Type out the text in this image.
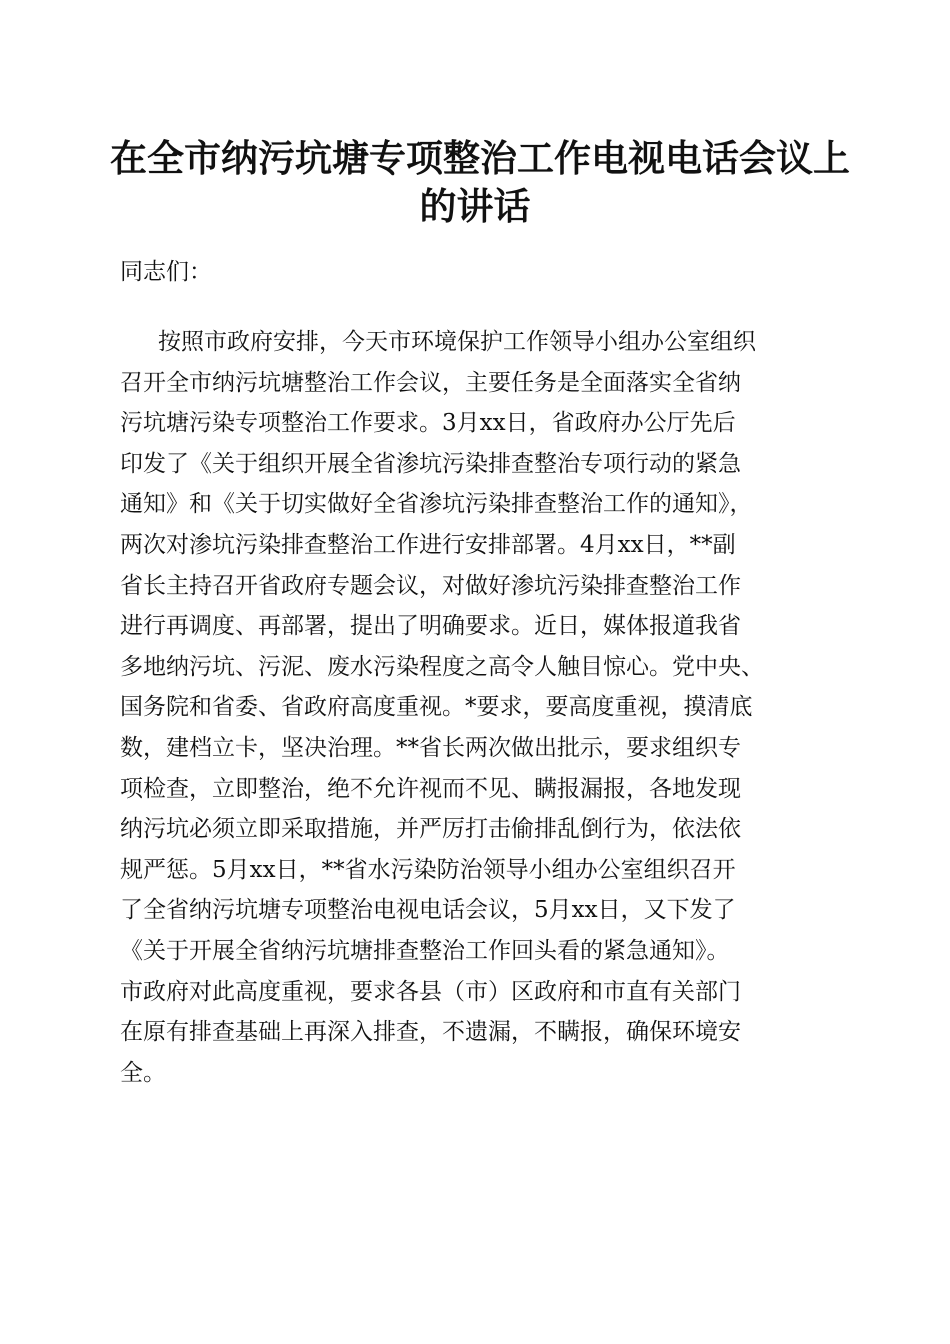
在全市纳污坑塘专项整治工作电视电话会议上
的讲话

同志们：

按照市政府安排，今天市环境保护工作领导小组办公室组织
召开全市纳污坑塘整治工作会议，主要任务是全面落实全省纳
污坑塘污染专项整治工作要求。3月xx日，省政府办公厅先后
印发了《关于组织开展全省渗坑污染排查整治专项行动的紧急
通知》和《关于切实做好全省渗坑污染排查整治工作的通知》，
两次对渗坑污染排查整治工作进行安排部署。4月xx日，**副
省长主持召开省政府专题会议，对做好渗坑污染排查整治工作
进行再调度、再部署，提出了明确要求。近日，媒体报道我省
多地纳污坑、污泥、废水污染程度之高令人触目惊心。党中央、
国务院和省委、省政府高度重视。*要求，要高度重视，摸清底
数，建档立卡，坚决治理。**省长两次做出批示，要求组织专
项检查，立即整治，绝不允许视而不见、瞒报漏报，各地发现
纳污坑必须立即采取措施，并严厉打击偷排乱倒行为，依法依
规严惩。5月xx日，**省水污染防治领导小组办公室组织召开
了全省纳污坑塘专项整治电视电话会议，5月xx日，又下发了
《关于开展全省纳污坑塘排查整治工作回头看的紧急通知》。
市政府对此高度重视，要求各县（市）区政府和市直有关部门
在原有排查基础上再深入排查，不遗漏，不瞒报，确保环境安
全。
